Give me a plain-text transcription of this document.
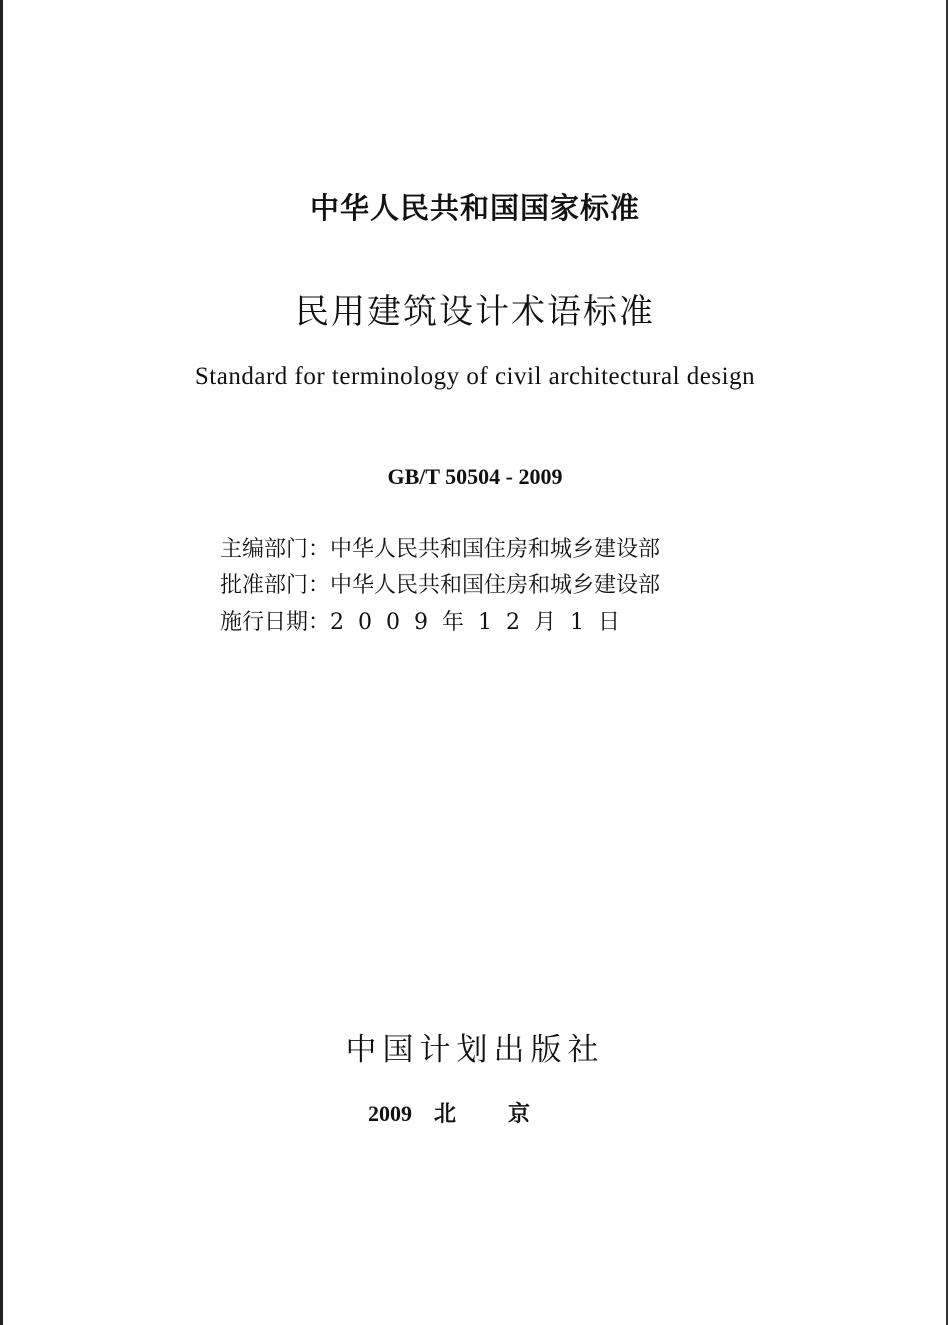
中华人民共和国国家标准
民用建筑设计术语标准
Standard for terminology of civil architectural design
GB/T 50504 - 2009
主编部门：中华人民共和国住房和城乡建设部
批准部门：中华人民共和国住房和城乡建设部
施行日期：2009年12月1日
中国计划出版社
2009 北京
